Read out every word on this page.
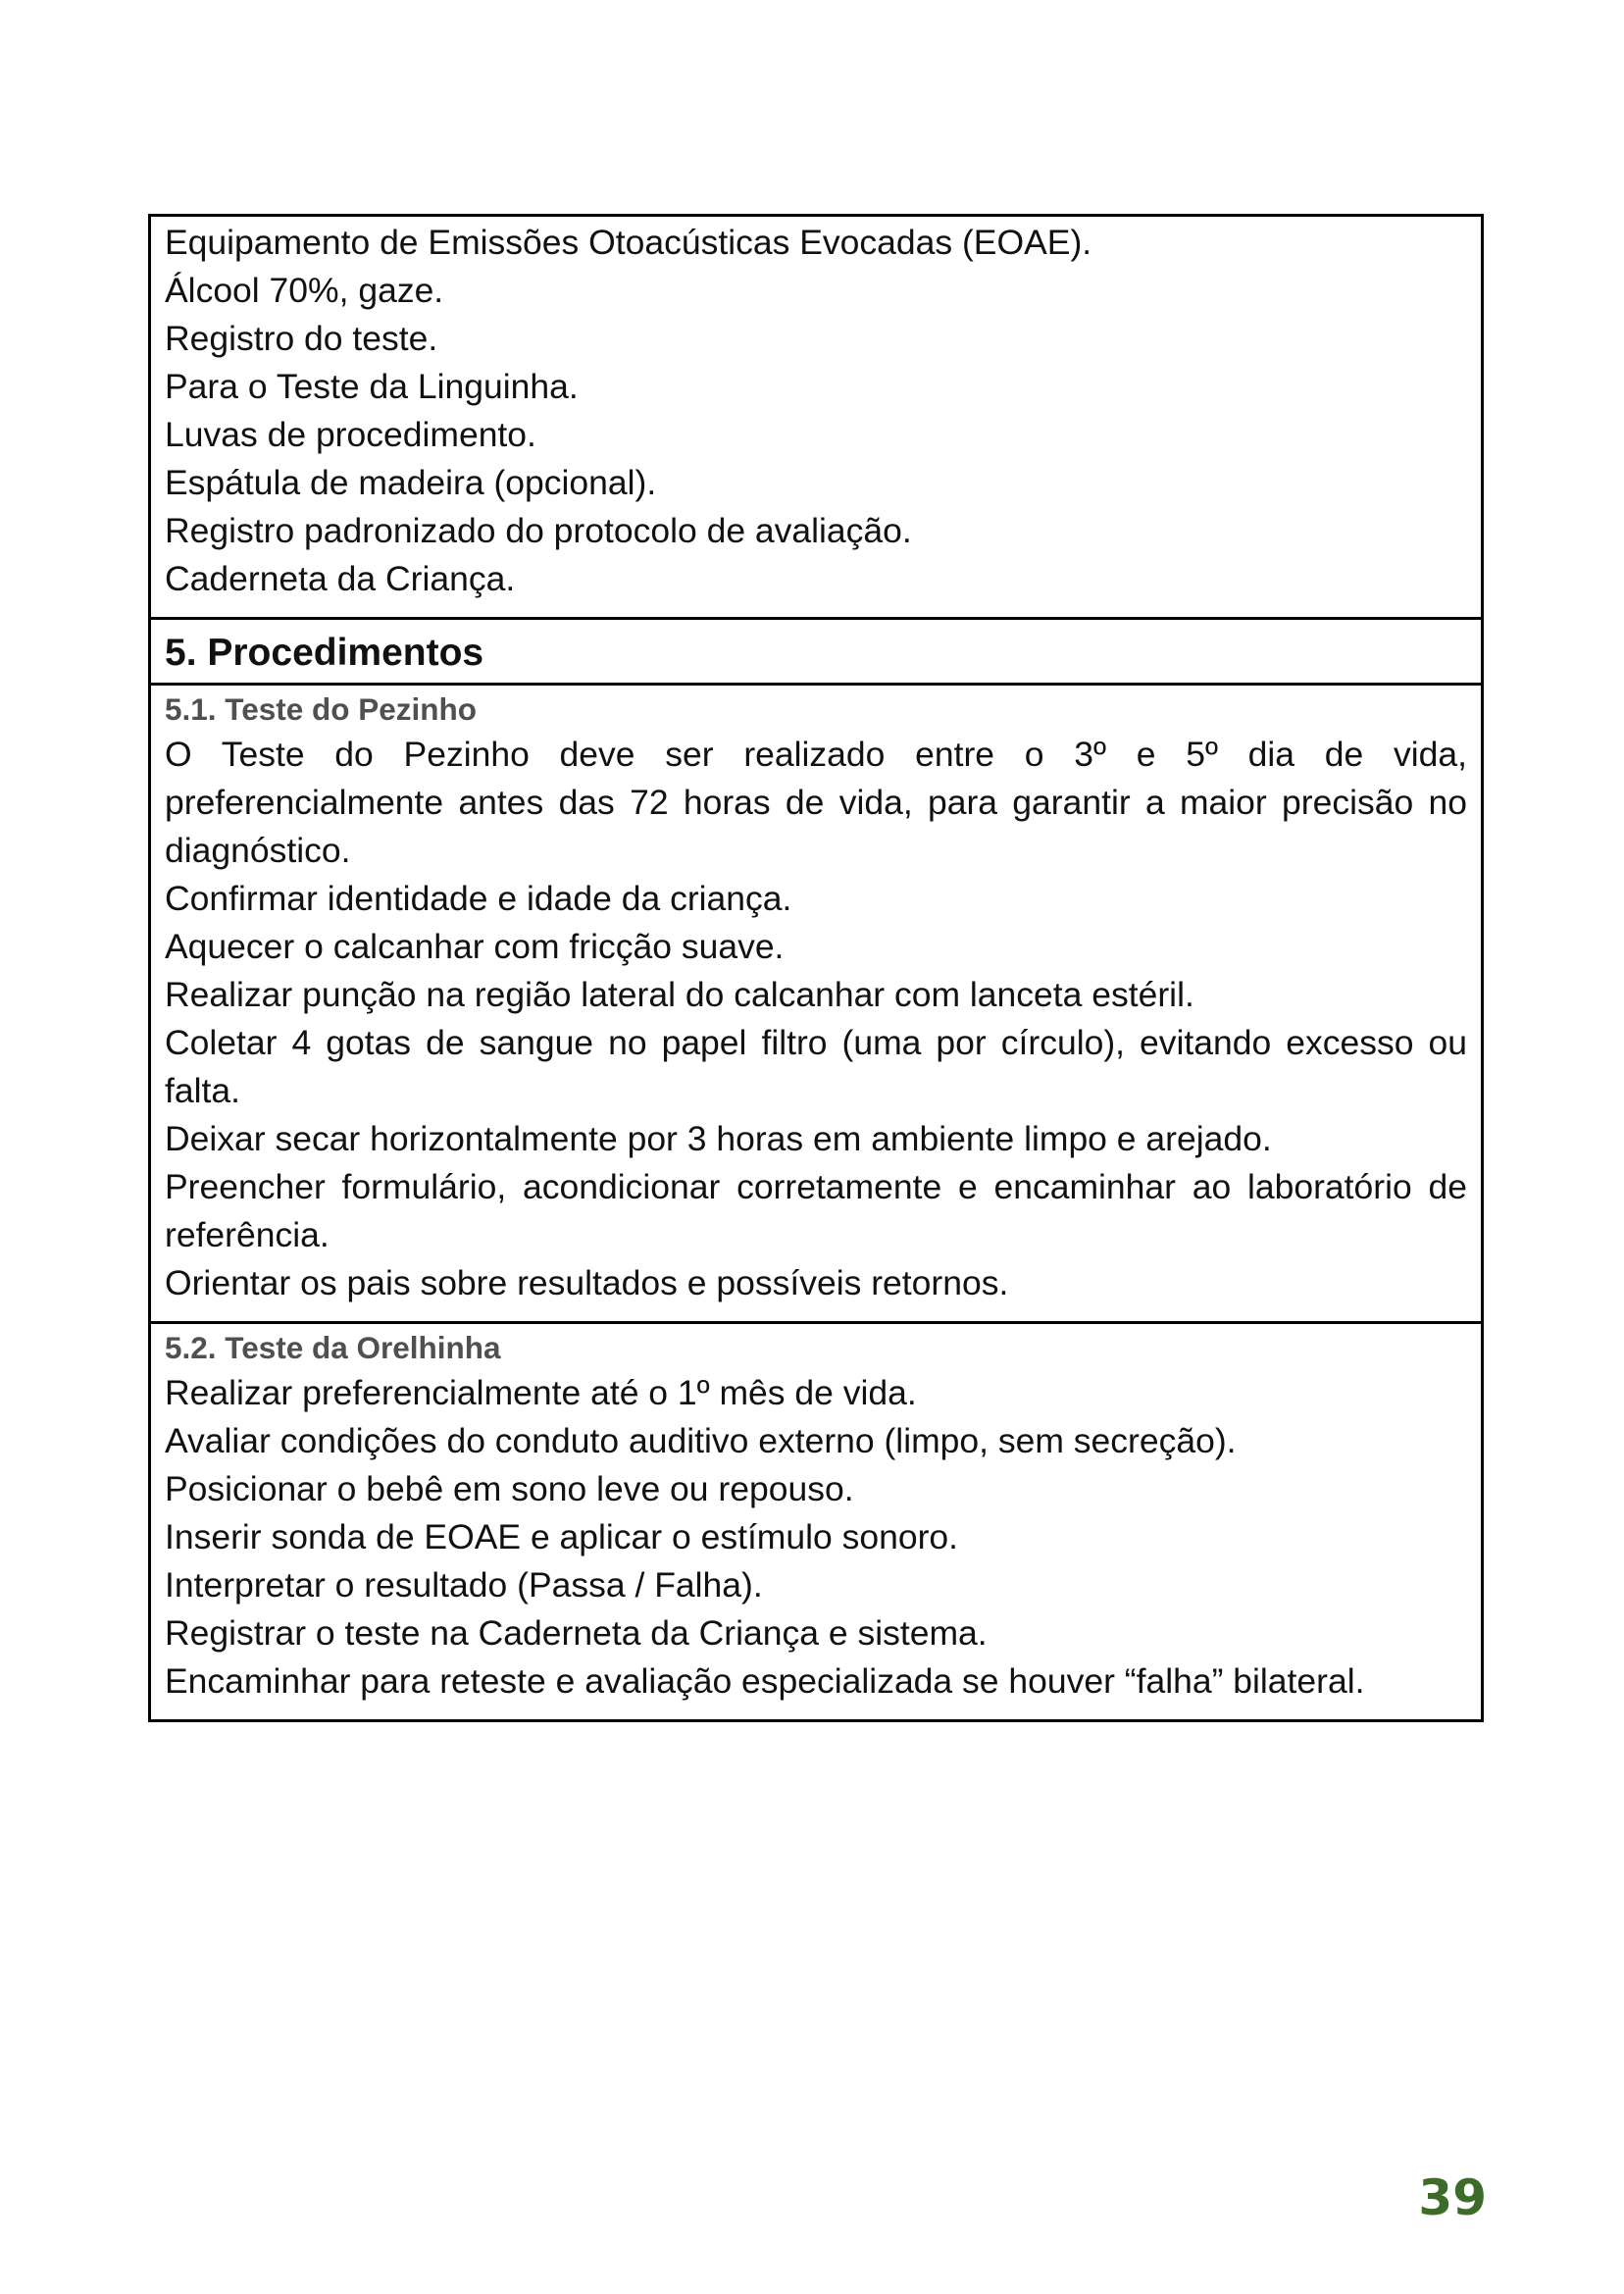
Equipamento de Emissões Otoacústicas Evocadas (EOAE).
Álcool 70%, gaze.
Registro do teste.
Para o Teste da Linguinha.
Luvas de procedimento.
Espátula de madeira (opcional).
Registro padronizado do protocolo de avaliação.
Caderneta da Criança.
5. Procedimentos
5.1. Teste do Pezinho
O Teste do Pezinho deve ser realizado entre o 3º e 5º dia de vida, preferencialmente antes das 72 horas de vida, para garantir a maior precisão no diagnóstico.
Confirmar identidade e idade da criança.
Aquecer o calcanhar com fricção suave.
Realizar punção na região lateral do calcanhar com lanceta estéril.
Coletar 4 gotas de sangue no papel filtro (uma por círculo), evitando excesso ou falta.
Deixar secar horizontalmente por 3 horas em ambiente limpo e arejado.
Preencher formulário, acondicionar corretamente e encaminhar ao laboratório de referência.
Orientar os pais sobre resultados e possíveis retornos.
5.2. Teste da Orelhinha
Realizar preferencialmente até o 1º mês de vida.
Avaliar condições do conduto auditivo externo (limpo, sem secreção).
Posicionar o bebê em sono leve ou repouso.
Inserir sonda de EOAE e aplicar o estímulo sonoro.
Interpretar o resultado (Passa / Falha).
Registrar o teste na Caderneta da Criança e sistema.
Encaminhar para reteste e avaliação especializada se houver “falha” bilateral.
39
